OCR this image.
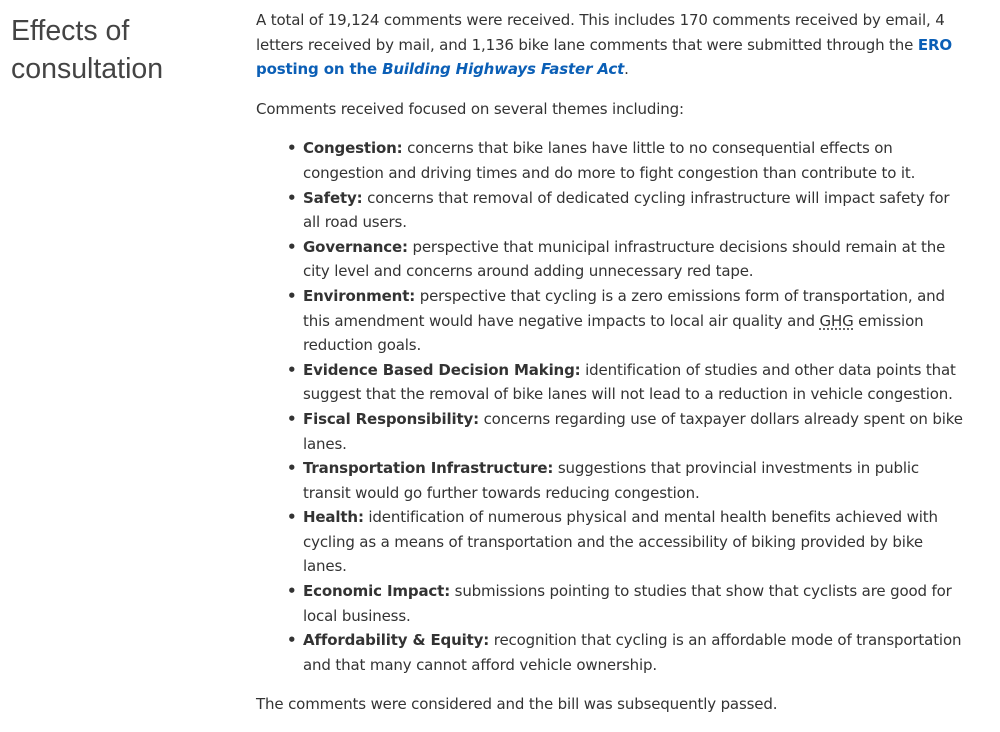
Effects of consultation

A total of 19,124 comments were received. This includes 170 comments received by email, 4 letters received by mail, and 1,136 bike lane comments that were submitted through the ERO posting on the Building Highways Faster Act.

Comments received focused on several themes including:

• Congestion: concerns that bike lanes have little to no consequential effects on congestion and driving times and do more to fight congestion than contribute to it.
• Safety: concerns that removal of dedicated cycling infrastructure will impact safety for all road users.
• Governance: perspective that municipal infrastructure decisions should remain at the city level and concerns around adding unnecessary red tape.
• Environment: perspective that cycling is a zero emissions form of transportation, and this amendment would have negative impacts to local air quality and GHG emission reduction goals.
• Evidence Based Decision Making: identification of studies and other data points that suggest that the removal of bike lanes will not lead to a reduction in vehicle congestion.
• Fiscal Responsibility: concerns regarding use of taxpayer dollars already spent on bike lanes.
• Transportation Infrastructure: suggestions that provincial investments in public transit would go further towards reducing congestion.
• Health: identification of numerous physical and mental health benefits achieved with cycling as a means of transportation and the accessibility of biking provided by bike lanes.
• Economic Impact: submissions pointing to studies that show that cyclists are good for local business.
• Affordability & Equity: recognition that cycling is an affordable mode of transportation and that many cannot afford vehicle ownership.

The comments were considered and the bill was subsequently passed.
